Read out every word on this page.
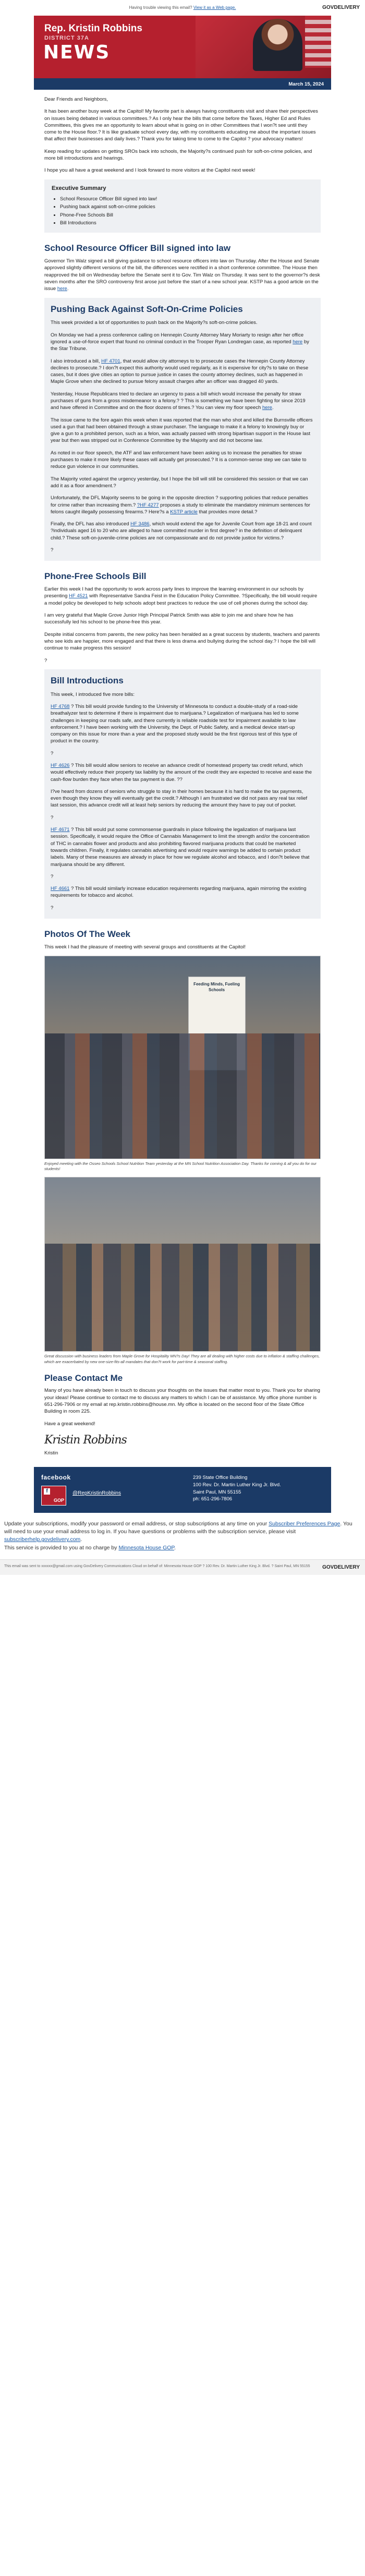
Having trouble viewing this email? View it as a Web page.	GOVDELIVERY
Rep. Kristin Robbins
DISTRICT 37A
NEWS
March 15, 2024

Dear Friends and Neighbors,

It has been another busy week at the Capitol! My favorite part is always having constituents visit and share their perspectives on issues being debated in various committees.? As I only hear the bills that come before the Taxes, Higher Ed and Rules Committees, this gives me an opportunity to learn about what is going on in other Committees that I won?t see until they come to the House floor.? It is like graduate school every day, with my constituents educating me about the important issues that affect their businesses and daily lives.? Thank you for taking time to come to the Capitol ? your advocacy matters!

Keep reading for updates on getting SROs back into schools, the Majority?s continued push for soft-on-crime policies, and more bill introductions and hearings.

I hope you all have a great weekend and I look forward to more visitors at the Capitol next week!

Executive Summary
• School Resource Officer Bill signed into law!
• Pushing back against soft-on-crime policies
• Phone-Free Schools Bill
• Bill Introductions
School Resource Officer Bill signed into law

Governor Tim Walz signed a bill giving guidance to school resource officers into law on Thursday. After the House and Senate approved slightly different versions of the bill, the differences were rectified in a short conference committee. The House then reapproved the bill on Wednesday before the Senate sent it to Gov. Tim Walz on Thursday. It was sent to the governor?s desk seven months after the SRO controversy first arose just before the start of a new school year. KSTP has a good article on the issue here.

Pushing Back Against Soft-On-Crime Policies

This week provided a lot of opportunities to push back on the Majority?s soft-on-crime policies.

On Monday we had a press conference calling on Hennepin County Attorney Mary Moriarty to resign after her office ignored a use-of-force expert that found no criminal conduct in the Trooper Ryan Londregan case, as reported here by the Star Tribune.

I also introduced a bill, HF 4701, that would allow city attorneys to to prosecute cases the Hennepin County Attorney declines to prosecute.? I don?t expect this authority would used regularly, as it is expensive for city?s to take on these cases, but it does give cities an option to pursue justice in cases the county attorney declines, such as happened in Maple Grove when she declined to pursue felony assault charges after an officer was dragged 40 yards.

Yesterday, House Republicans tried to declare an urgency to pass a bill which would increase the penalty for straw purchases of guns from a gross misdemeanor to a felony.? ? This is something we have been fighting for since 2019 and have offered in Committee and on the floor dozens of times.? You can view my floor speech here.

The issue came to the fore again this week when it was reported that the man who shot and killed the Burnsville officers used a gun that had been obtained through a straw purchaser. The language to make it a felony to knowingly buy or give a gun to a prohibited person, such as a felon, was actually passed with strong bipartisan support in the House last year but then was stripped out in Conference Committee by the Majority and did not become law.

As noted in our floor speech, the ATF and law enforcement have been asking us to increase the penalties for straw purchases to make it more likely these cases will actually get prosecuted.? It is a common-sense step we can take to reduce gun violence in our communities.

The Majority voted against the urgency yesterday, but I hope the bill will still be considered this session or that we can add it as a floor amendment.?

Unfortunately, the DFL Majority seems to be going in the opposite direction ? supporting policies that reduce penalties for crime rather than increasing them.? ?HF 4277 proposes a study to eliminate the mandatory minimum sentences for felons caught illegally possessing firearms.? Here?s a KSTP article that provides more detail.?

Finally, the DFL has also introduced HF 3486, which would extend the age for Juvenile Court from age 18-21 and count ?individuals aged 16 to 20 who are alleged to have committed murder in first degree? in the definition of delinquent child.? These soft-on-juvenile-crime policies are not compassionate and do not provide justice for victims.?

?

Phone-Free Schools Bill

Earlier this week I had the opportunity to work across party lines to improve the learning environment in our schools by presenting HF 4521 with Representative Sandra Feist in the Education Policy Committee. ?Specifically, the bill would require a model policy be developed to help schools adopt best practices to reduce the use of cell phones during the school day.

I am very grateful that Maple Grove Junior High Principal Patrick Smith was able to join me and share how he has successfully led his school to be phone-free this year.

Despite initial concerns from parents, the new policy has been heralded as a great success by students, teachers and parents who see kids are happier, more engaged and that there is less drama and bullying during the school day.? I hope the bill will continue to make progress this session!

?

Bill Introductions

This week, I introduced five more bills:

HF 4768 ? This bill would provide funding to the University of Minnesota to conduct a double-study of a road-side breathalyzer test to determine if there is impairment due to marijuana.? Legalization of marijuana has led to some challenges in keeping our roads safe, and there currently is reliable roadside test for impairment available to law enforcement.? I have been working with the University, the Dept. of Public Safety, and a medical device start-up company on this issue for more than a year and the proposed study would be the first rigorous test of this type of product in the country.

?

HF 4626 ? This bill would allow seniors to receive an advance credit of homestead property tax credit refund, which would effectively reduce their property tax liability by the amount of the credit they are expected to receive and ease the cash-flow burden they face when the tax payment is due. ??

I?ve heard from dozens of seniors who struggle to stay in their homes because it is hard to make the tax payments, even though they know they will eventually get the credit.? Although I am frustrated we did not pass any real tax relief last session, this advance credit will at least help seniors by reducing the amount they have to pay out of pocket.

?

HF 4671 ? This bill would put some commonsense guardrails in place following the legalization of marijuana last session. Specifically, it would require the Office of Cannabis Management to limit the strength and/or the concentration of THC in cannabis flower and products and also prohibiting flavored marijuana products that could be marketed towards children. Finally, it regulates cannabis advertising and would require warnings be added to certain product labels. Many of these measures are already in place for how we regulate alcohol and tobacco, and I don?t believe that marijuana should be any different.

?

HF 4661 ? This bill would similarly increase education requirements regarding marijuana, again mirroring the existing requirements for tobacco and alcohol.

?

Photos Of The Week

This week I had the pleasure of meeting with several groups and constituents at the Capitol!

Feeding Minds, Fueling Schools

Enjoyed meeting with the Osseo Schools School Nutrition Team yesterday at the MN School Nutrition Association Day. Thanks for coming & all you do for our students!

Great discussion with business leaders from Maple Grove for Hospitality MN?s Day! They are all dealing with higher costs due to inflation & staffing challenges, which are exacerbated by new one-size-fits-all mandates that don?t work for part-time & seasonal staffing.

Please Contact Me

Many of you have already been in touch to discuss your thoughts on the issues that matter most to you. Thank you for sharing your ideas! Please continue to contact me to discuss any matters to which I can be of assistance. My office phone number is 651-296-7906 or my email at rep.kristin.robbins@house.mn. My office is located on the second floor of the State Office Building in room 225.

Have a great weekend!

Kristin Robbins

Kristin

facebook
f
GOP
@RepKristinRobbins
239 State Office Building
100 Rev. Dr. Martin Luther King Jr. Blvd.
Saint Paul, MN 55155
ph: 651-296-7806
Update your subscriptions, modify your password or email address, or stop subscriptions at any time on your Subscriber Preferences Page. You will need to use your email address to log in. If you have questions or problems with the subscription service, please visit subscriberhelp.govdelivery.com.
This service is provided to you at no charge by Minnesota House GOP.
This email was sent to xxxxxx@gmail.com using GovDelivery Communications Cloud on behalf of: Minnesota House GOP ? 100 Rev. Dr. Martin Luther King Jr. Blvd. ? Saint Paul, MN 55155 GOVDELIVERY
